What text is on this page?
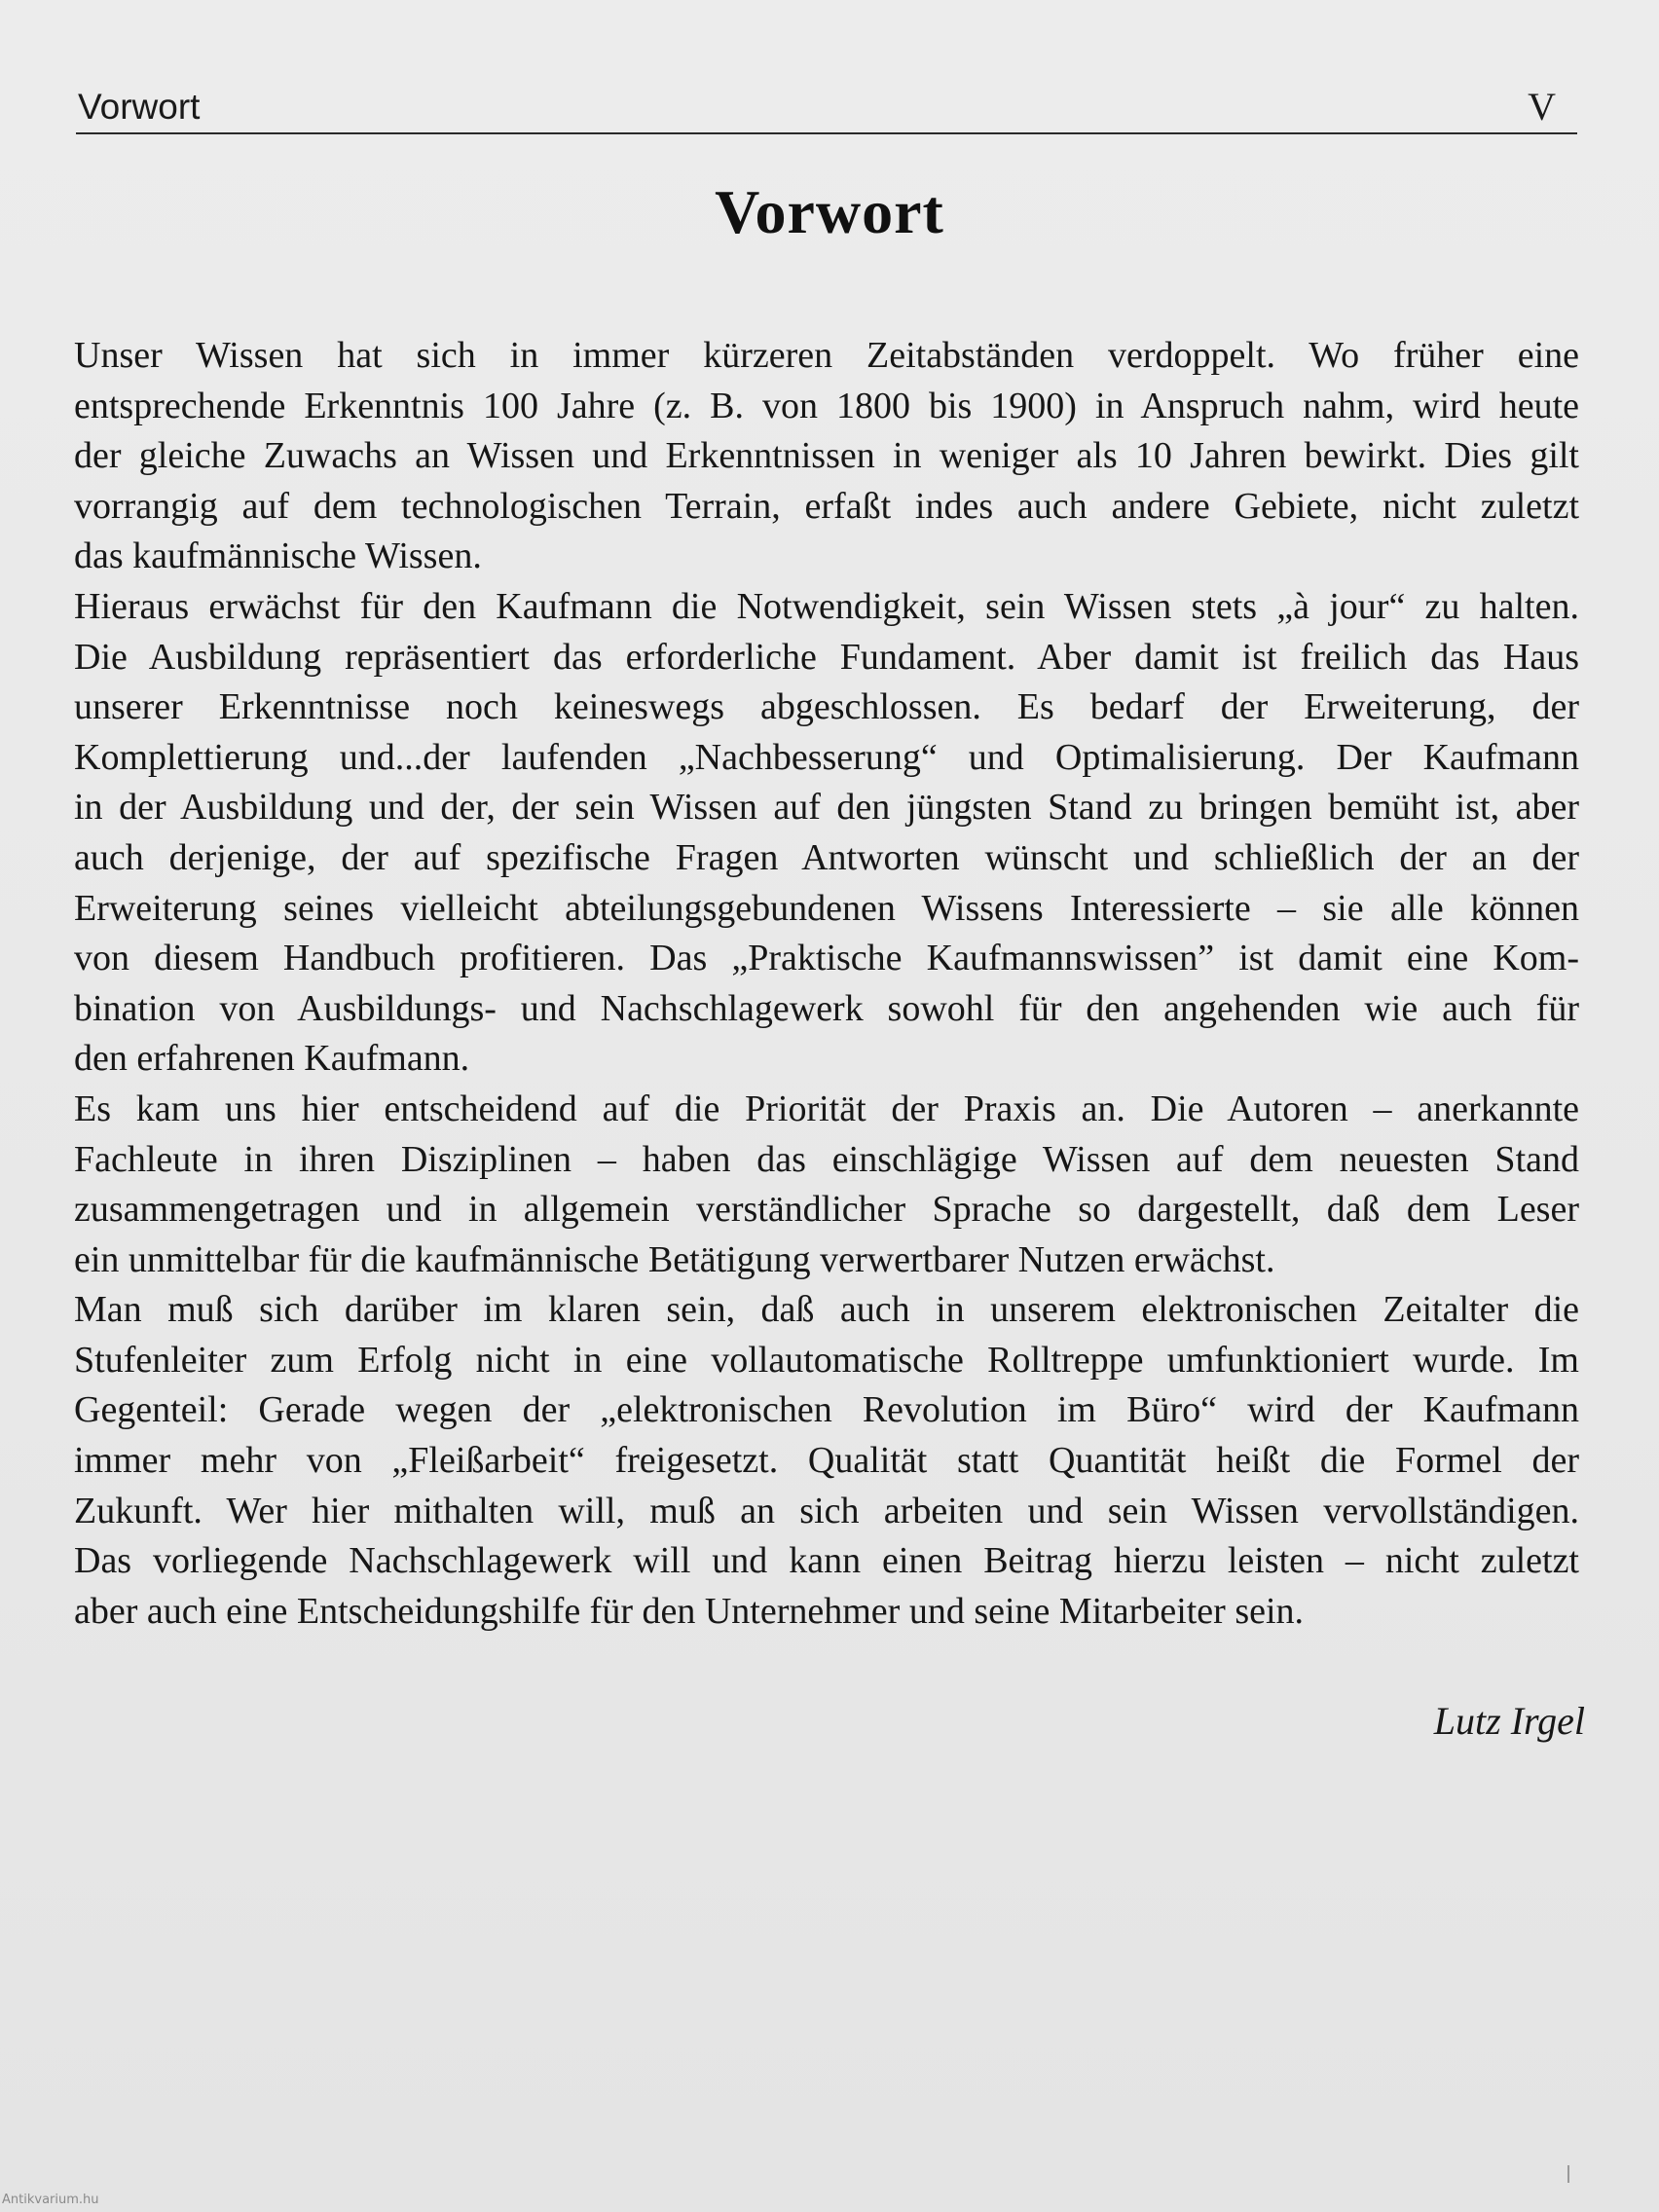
Vorwort	V
Vorwort
Unser Wissen hat sich in immer kürzeren Zeitabständen verdoppelt. Wo früher eine
entsprechende Erkenntnis 100 Jahre (z. B. von 1800 bis 1900) in Anspruch nahm, wird heute
der gleiche Zuwachs an Wissen und Erkenntnissen in weniger als 10 Jahren bewirkt. Dies gilt
vorrangig auf dem technologischen Terrain, erfaßt indes auch andere Gebiete, nicht zuletzt
das kaufmännische Wissen.
Hieraus erwächst für den Kaufmann die Notwendigkeit, sein Wissen stets „à jour“ zu halten.
Die Ausbildung repräsentiert das erforderliche Fundament. Aber damit ist freilich das Haus
unserer Erkenntnisse noch keineswegs abgeschlossen. Es bedarf der Erweiterung, der
Komplettierung und...der laufenden „Nachbesserung“ und Optimalisierung. Der Kaufmann
in der Ausbildung und der, der sein Wissen auf den jüngsten Stand zu bringen bemüht ist, aber
auch derjenige, der auf spezifische Fragen Antworten wünscht und schließlich der an der
Erweiterung seines vielleicht abteilungsgebundenen Wissens Interessierte – sie alle können
von diesem Handbuch profitieren. Das „Praktische Kaufmannswissen” ist damit eine Kom-
bination von Ausbildungs- und Nachschlagewerk sowohl für den angehenden wie auch für
den erfahrenen Kaufmann.
Es kam uns hier entscheidend auf die Priorität der Praxis an. Die Autoren – anerkannte
Fachleute in ihren Disziplinen – haben das einschlägige Wissen auf dem neuesten Stand
zusammengetragen und in allgemein verständlicher Sprache so dargestellt, daß dem Leser
ein unmittelbar für die kaufmännische Betätigung verwertbarer Nutzen erwächst.
Man muß sich darüber im klaren sein, daß auch in unserem elektronischen Zeitalter die
Stufenleiter zum Erfolg nicht in eine vollautomatische Rolltreppe umfunktioniert wurde. Im
Gegenteil: Gerade wegen der „elektronischen Revolution im Büro“ wird der Kaufmann
immer mehr von „Fleißarbeit“ freigesetzt. Qualität statt Quantität heißt die Formel der
Zukunft. Wer hier mithalten will, muß an sich arbeiten und sein Wissen vervollständigen.
Das vorliegende Nachschlagewerk will und kann einen Beitrag hierzu leisten – nicht zuletzt
aber auch eine Entscheidungshilfe für den Unternehmer und seine Mitarbeiter sein.
Lutz Irgel
Antikvarium.hu
